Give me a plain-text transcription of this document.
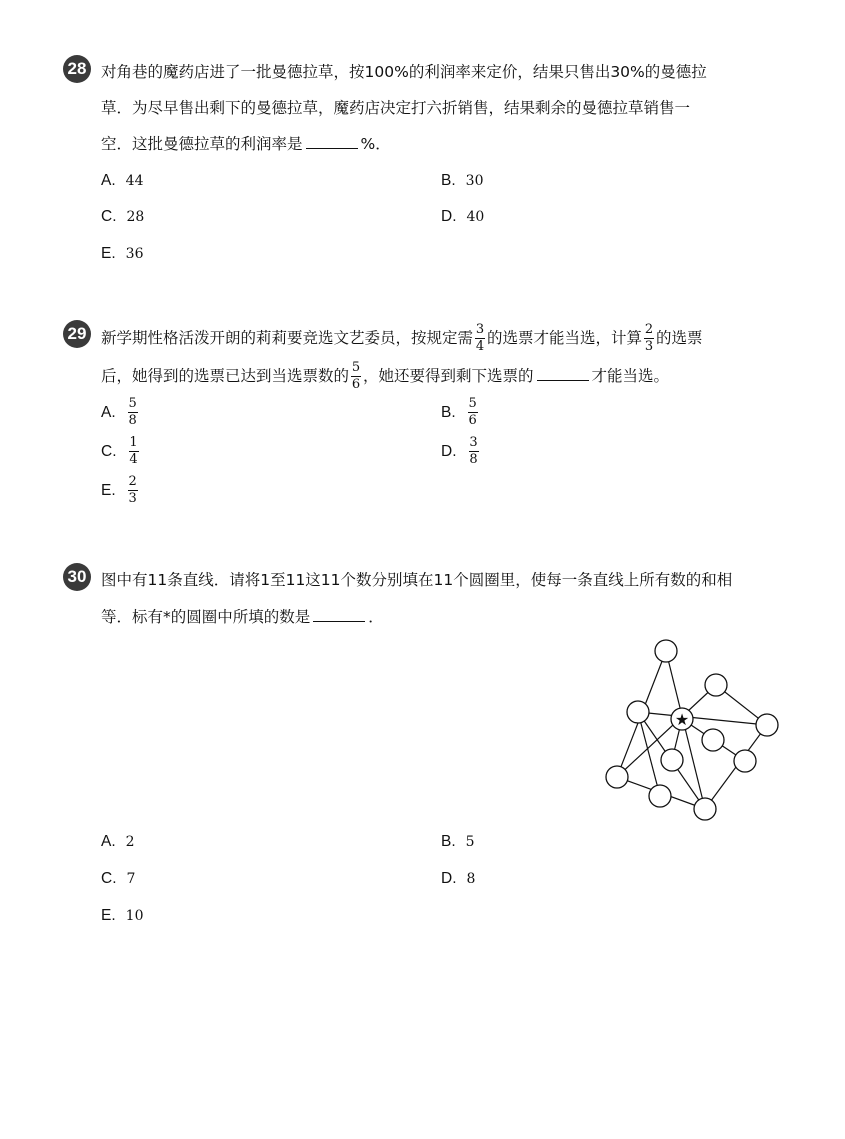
28 对角巷的魔药店进了一批曼德拉草，按100%的利润率来定价，结果只售出30%的曼德拉
草．为尽早售出剩下的曼德拉草，魔药店决定打六折销售，结果剩余的曼德拉草销售一
空．这批曼德拉草的利润率是	%．
A. 44	B. 30
C. 28	D. 40
E. 36
29 新学期性格活泼开朗的莉莉要竞选文艺委员，按规定需 $\frac{3}{4}$ 的选票才能当选，计算 $\frac{2}{3}$ 的选票
后，她得到的选票已达到当选票数的 $\frac{5}{6}$ ，她还要得到剩下选票的	才能当选。
A. $\frac{5}{8}$	B. $\frac{5}{6}$
C. $\frac{1}{4}$	D. $\frac{3}{8}$
E. $\frac{2}{3}$
30 图中有11条直线．请将1至11这11个数分别填在11个圆圈里，使每一条直线上所有数的和相
等．标有*的圆圈中所填的数是	．
★
A. 2	B. 5
C. 7	D. 8
E. 10
